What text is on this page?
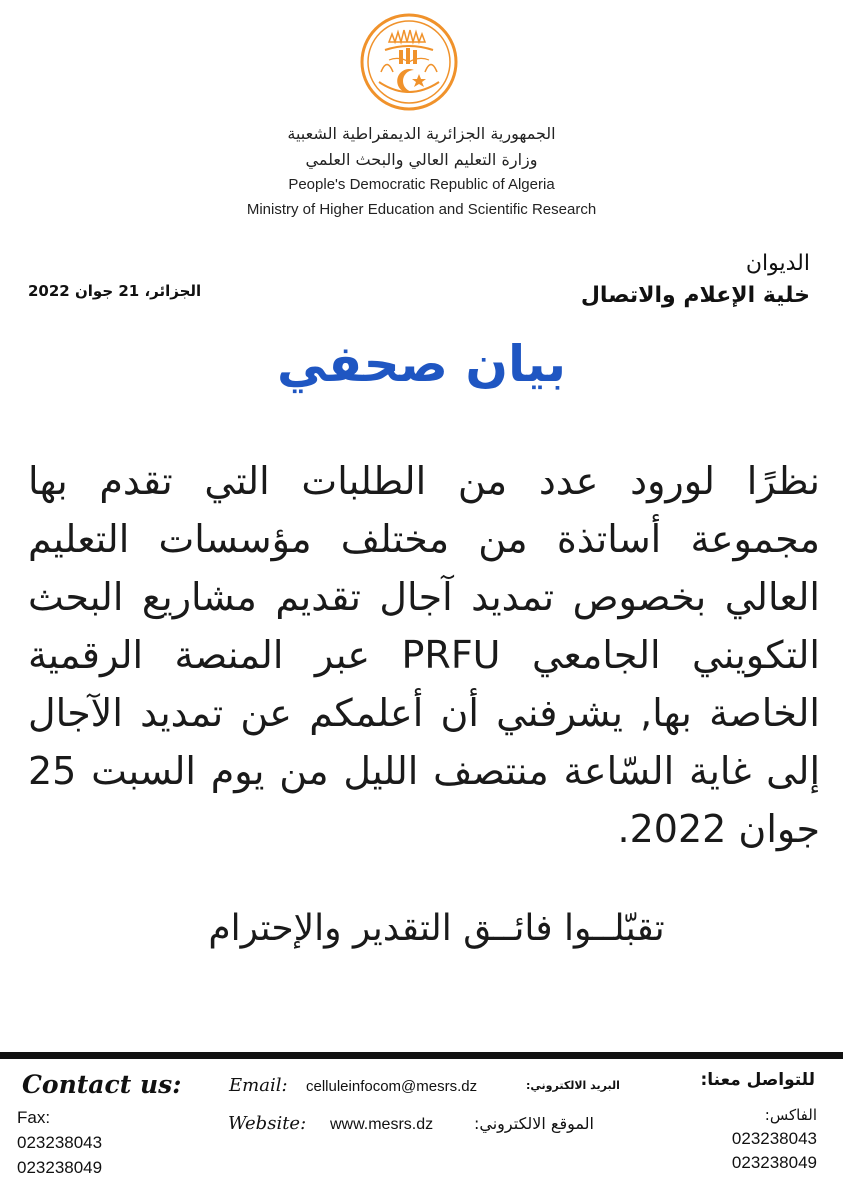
الجمهورية الجزائرية الديمقراطية الشعبية
وزارة التعليم العالي والبحث العلمي
People's Democratic Republic of Algeria
Ministry of Higher Education and Scientific Research
الديوان
خلية الإعلام والاتصال
الجزائر، 21 جوان 2022
بيان صحفي
نظرًا لورود عدد من الطلبات التي تقدم بها مجموعة أساتذة من مختلف مؤسسات التعليم العالي بخصوص تمديد آجال تقديم مشاريع البحث التكويني الجامعي PRFU عبر المنصة الرقمية الخاصة بها, يشرفني أن أعلمكم عن تمديد الآجال إلى غاية السّاعة منتصف الليل من يوم السبت 25 جوان 2022.
تقبّلــوا فائــق التقدير والإحترام
Contact us:
Fax:
023238043
023238049
Email: celluleinfocom@mesrs.dz	البريد الالكتروني:
Website: www.mesrs.dz	الموقع الالكتروني:
للتواصل معنا:
الفاكس:
023238043
023238049
